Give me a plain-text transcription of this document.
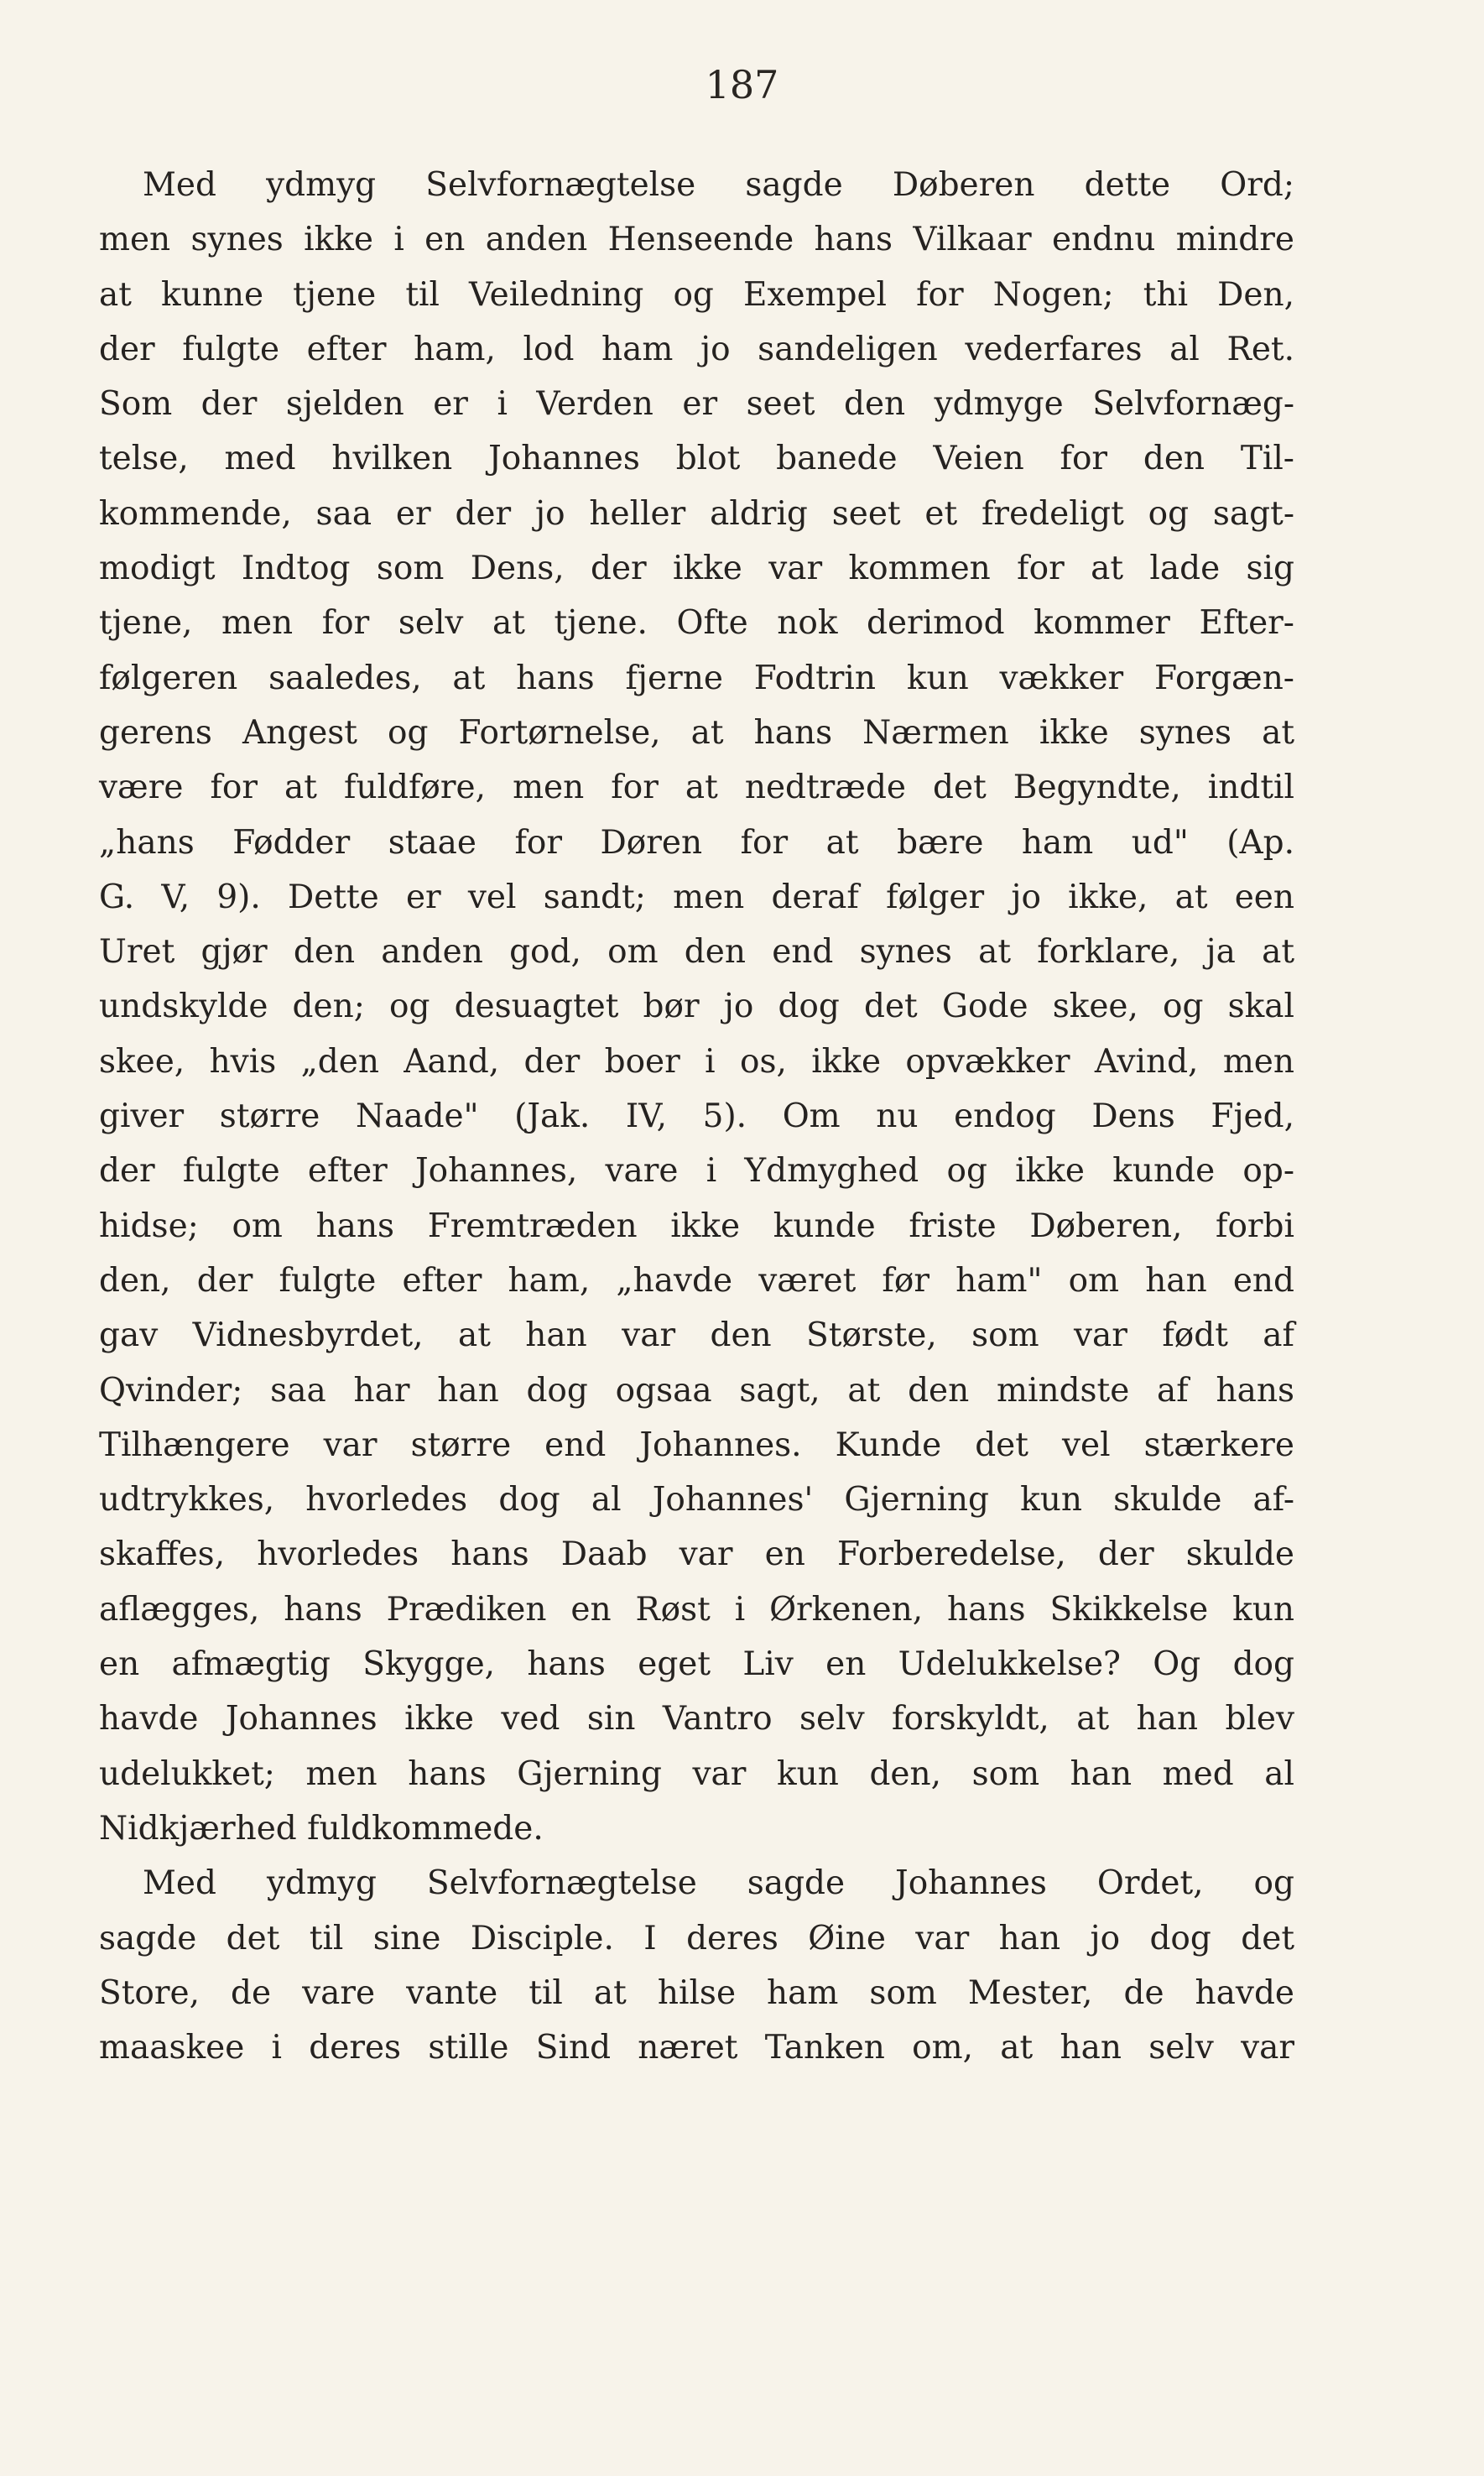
187
Med ydmyg Selvfornægtelse sagde Døberen dette Ord;
men synes ikke i en anden Henseende hans Vilkaar endnu mindre
at kunne tjene til Veiledning og Exempel for Nogen; thi Den,
der fulgte efter ham, lod ham jo sandeligen vederfares al Ret.
Som der sjelden er i Verden er seet den ydmyge Selvfornæg-
telse, med hvilken Johannes blot banede Veien for den Til-
kommende, saa er der jo heller aldrig seet et fredeligt og sagt-
modigt Indtog som Dens, der ikke var kommen for at lade sig
tjene, men for selv at tjene. Ofte nok derimod kommer Efter-
følgeren saaledes, at hans fjerne Fodtrin kun vækker Forgæn-
gerens Angest og Fortørnelse, at hans Nærmen ikke synes at
være for at fuldføre, men for at nedtræde det Begyndte, indtil
„hans Fødder staae for Døren for at bære ham ud" (Ap.
G. V, 9). Dette er vel sandt; men deraf følger jo ikke, at een
Uret gjør den anden god, om den end synes at forklare, ja at
undskylde den; og desuagtet bør jo dog det Gode skee, og skal
skee, hvis „den Aand, der boer i os, ikke opvækker Avind, men
giver større Naade" (Jak. IV, 5). Om nu endog Dens Fjed,
der fulgte efter Johannes, vare i Ydmyghed og ikke kunde op-
hidse; om hans Fremtræden ikke kunde friste Døberen, forbi
den, der fulgte efter ham, „havde været før ham" om han end
gav Vidnesbyrdet, at han var den Største, som var født af
Qvinder; saa har han dog ogsaa sagt, at den mindste af hans
Tilhængere var større end Johannes. Kunde det vel stærkere
udtrykkes, hvorledes dog al Johannes' Gjerning kun skulde af-
skaffes, hvorledes hans Daab var en Forberedelse, der skulde
aflægges, hans Prædiken en Røst i Ørkenen, hans Skikkelse kun
en afmægtig Skygge, hans eget Liv en Udelukkelse? Og dog
havde Johannes ikke ved sin Vantro selv forskyldt, at han blev
udelukket; men hans Gjerning var kun den, som han med al
Nidkjærhed fuldkommede.
Med ydmyg Selvfornægtelse sagde Johannes Ordet, og
sagde det til sine Disciple. I deres Øine var han jo dog det
Store, de vare vante til at hilse ham som Mester, de havde
maaskee i deres stille Sind næret Tanken om, at han selv var
